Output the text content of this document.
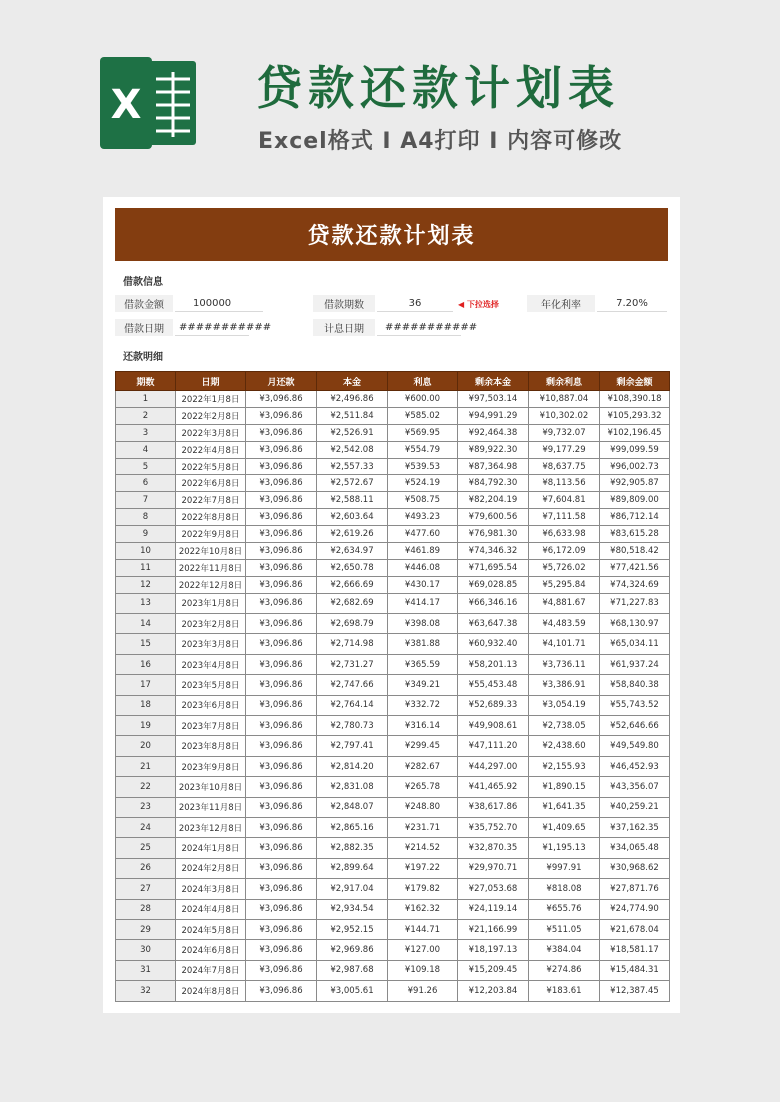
X 贷款还款计划表
Excel格式 Ⅰ A4打印 Ⅰ 内容可修改
贷款还款计划表
借款信息
借款金额	100000	借款期数	36	◀ 下拉选择	年化利率	7.20%
借款日期	###########	计息日期	###########
还款明细
期数	日期	月还款	本金	利息	剩余本金	剩余利息	剩余金额
1	2022年1月8日	¥3,096.86	¥2,496.86	¥600.00	¥97,503.14	¥10,887.04	¥108,390.18
2	2022年2月8日	¥3,096.86	¥2,511.84	¥585.02	¥94,991.29	¥10,302.02	¥105,293.32
3	2022年3月8日	¥3,096.86	¥2,526.91	¥569.95	¥92,464.38	¥9,732.07	¥102,196.45
4	2022年4月8日	¥3,096.86	¥2,542.08	¥554.79	¥89,922.30	¥9,177.29	¥99,099.59
5	2022年5月8日	¥3,096.86	¥2,557.33	¥539.53	¥87,364.98	¥8,637.75	¥96,002.73
6	2022年6月8日	¥3,096.86	¥2,572.67	¥524.19	¥84,792.30	¥8,113.56	¥92,905.87
7	2022年7月8日	¥3,096.86	¥2,588.11	¥508.75	¥82,204.19	¥7,604.81	¥89,809.00
8	2022年8月8日	¥3,096.86	¥2,603.64	¥493.23	¥79,600.56	¥7,111.58	¥86,712.14
9	2022年9月8日	¥3,096.86	¥2,619.26	¥477.60	¥76,981.30	¥6,633.98	¥83,615.28
10	2022年10月8日	¥3,096.86	¥2,634.97	¥461.89	¥74,346.32	¥6,172.09	¥80,518.42
11	2022年11月8日	¥3,096.86	¥2,650.78	¥446.08	¥71,695.54	¥5,726.02	¥77,421.56
12	2022年12月8日	¥3,096.86	¥2,666.69	¥430.17	¥69,028.85	¥5,295.84	¥74,324.69
13	2023年1月8日	¥3,096.86	¥2,682.69	¥414.17	¥66,346.16	¥4,881.67	¥71,227.83
14	2023年2月8日	¥3,096.86	¥2,698.79	¥398.08	¥63,647.38	¥4,483.59	¥68,130.97
15	2023年3月8日	¥3,096.86	¥2,714.98	¥381.88	¥60,932.40	¥4,101.71	¥65,034.11
16	2023年4月8日	¥3,096.86	¥2,731.27	¥365.59	¥58,201.13	¥3,736.11	¥61,937.24
17	2023年5月8日	¥3,096.86	¥2,747.66	¥349.21	¥55,453.48	¥3,386.91	¥58,840.38
18	2023年6月8日	¥3,096.86	¥2,764.14	¥332.72	¥52,689.33	¥3,054.19	¥55,743.52
19	2023年7月8日	¥3,096.86	¥2,780.73	¥316.14	¥49,908.61	¥2,738.05	¥52,646.66
20	2023年8月8日	¥3,096.86	¥2,797.41	¥299.45	¥47,111.20	¥2,438.60	¥49,549.80
21	2023年9月8日	¥3,096.86	¥2,814.20	¥282.67	¥44,297.00	¥2,155.93	¥46,452.93
22	2023年10月8日	¥3,096.86	¥2,831.08	¥265.78	¥41,465.92	¥1,890.15	¥43,356.07
23	2023年11月8日	¥3,096.86	¥2,848.07	¥248.80	¥38,617.86	¥1,641.35	¥40,259.21
24	2023年12月8日	¥3,096.86	¥2,865.16	¥231.71	¥35,752.70	¥1,409.65	¥37,162.35
25	2024年1月8日	¥3,096.86	¥2,882.35	¥214.52	¥32,870.35	¥1,195.13	¥34,065.48
26	2024年2月8日	¥3,096.86	¥2,899.64	¥197.22	¥29,970.71	¥997.91	¥30,968.62
27	2024年3月8日	¥3,096.86	¥2,917.04	¥179.82	¥27,053.68	¥818.08	¥27,871.76
28	2024年4月8日	¥3,096.86	¥2,934.54	¥162.32	¥24,119.14	¥655.76	¥24,774.90
29	2024年5月8日	¥3,096.86	¥2,952.15	¥144.71	¥21,166.99	¥511.05	¥21,678.04
30	2024年6月8日	¥3,096.86	¥2,969.86	¥127.00	¥18,197.13	¥384.04	¥18,581.17
31	2024年7月8日	¥3,096.86	¥2,987.68	¥109.18	¥15,209.45	¥274.86	¥15,484.31
32	2024年8月8日	¥3,096.86	¥3,005.61	¥91.26	¥12,203.84	¥183.61	¥12,387.45
